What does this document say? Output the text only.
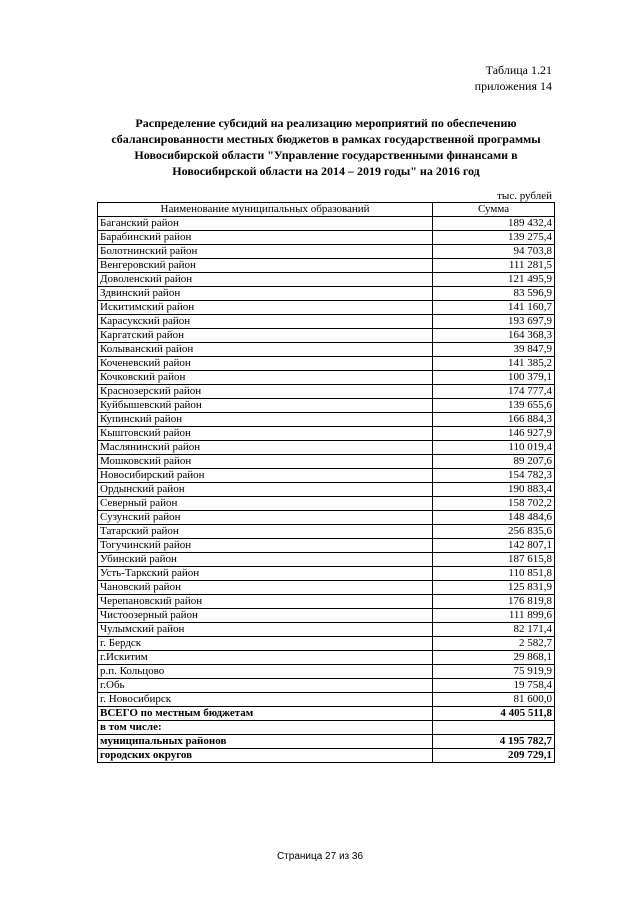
Таблица 1.21
приложения 14
Распределение субсидий на реализацию мероприятий по обеспечению
сбалансированности местных бюджетов в рамках государственной программы
Новосибирской области "Управление государственными финансами в
Новосибирской области на 2014 – 2019 годы" на 2016 год
тыс. рублей
Наименование муниципальных образований	Сумма
Баганский район	189 432,4
Барабинский район	139 275,4
Болотнинский район	94 703,8
Венгеровский район	111 281,5
Доволенский район	121 495,9
Здвинский район	83 596,9
Искитимский район	141 160,7
Карасукский район	193 697,9
Каргатский район	164 368,3
Колыванский район	39 847,9
Коченевский район	141 385,2
Кочковский район	100 379,1
Краснозерский район	174 777,4
Куйбышевский район	139 655,6
Купинский район	166 884,3
Кыштовский район	146 927,9
Маслянинский район	110 019,4
Мошковский район	89 207,6
Новосибирский район	154 782,3
Ордынский район	190 883,4
Северный район	158 702,2
Сузунский район	148 484,6
Татарский район	256 835,6
Тогучинский район	142 807,1
Убинский район	187 615,8
Усть-Таркский район	110 851,8
Чановский район	125 831,9
Черепановский район	176 819,8
Чистоозерный район	111 899,6
Чулымский район	82 171,4
г. Бердск	2 582,7
г.Искитим	29 868,1
р.п. Кольцово	75 919,9
г.Обь	19 758,4
г. Новосибирск	81 600,0
ВСЕГО по местным бюджетам	4 405 511,8
в том числе:	
муниципальных районов	4 195 782,7
городских округов	209 729,1
Страница 27 из 36
